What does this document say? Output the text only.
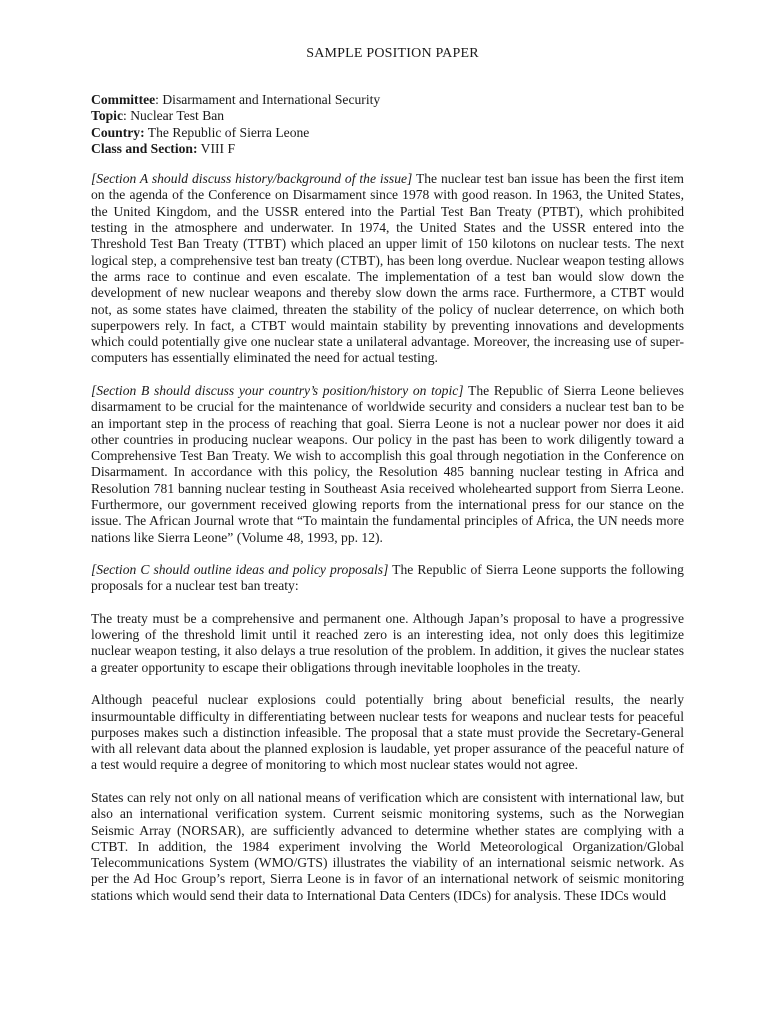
SAMPLE POSITION PAPER
Committee: Disarmament and International Security
Topic: Nuclear Test Ban
Country: The Republic of Sierra Leone
Class and Section: VIII F

[Section A should discuss history/background of the issue] The nuclear test ban issue has been the first item on the agenda of the Conference on Disarmament since 1978 with good reason. In 1963, the United States, the United Kingdom, and the USSR entered into the Partial Test Ban Treaty (PTBT), which prohibited testing in the atmosphere and underwater. In 1974, the United States and the USSR entered into the Threshold Test Ban Treaty (TTBT) which placed an upper limit of 150 kilotons on nuclear tests. The next logical step, a comprehensive test ban treaty (CTBT), has been long overdue. Nuclear weapon testing allows the arms race to continue and even escalate. The implementation of a test ban would slow down the development of new nuclear weapons and thereby slow down the arms race. Furthermore, a CTBT would not, as some states have claimed, threaten the stability of the policy of nuclear deterrence, on which both superpowers rely. In fact, a CTBT would maintain stability by preventing innovations and developments which could potentially give one nuclear state a unilateral advantage. Moreover, the increasing use of super-computers has essentially eliminated the need for actual testing.

[Section B should discuss your country’s position/history on topic] The Republic of Sierra Leone believes disarmament to be crucial for the maintenance of worldwide security and considers a nuclear test ban to be an important step in the process of reaching that goal. Sierra Leone is not a nuclear power nor does it aid other countries in producing nuclear weapons. Our policy in the past has been to work diligently toward a Comprehensive Test Ban Treaty. We wish to accomplish this goal through negotiation in the Conference on Disarmament. In accordance with this policy, the Resolution 485 banning nuclear testing in Africa and Resolution 781 banning nuclear testing in Southeast Asia received wholehearted support from Sierra Leone. Furthermore, our government received glowing reports from the international press for our stance on the issue. The African Journal wrote that “To maintain the fundamental principles of Africa, the UN needs more nations like Sierra Leone” (Volume 48, 1993, pp. 12).

[Section C should outline ideas and policy proposals] The Republic of Sierra Leone supports the following proposals for a nuclear test ban treaty:

The treaty must be a comprehensive and permanent one. Although Japan’s proposal to have a progressive lowering of the threshold limit until it reached zero is an interesting idea, not only does this legitimize nuclear weapon testing, it also delays a true resolution of the problem. In addition, it gives the nuclear states a greater opportunity to escape their obligations through inevitable loopholes in the treaty.

Although peaceful nuclear explosions could potentially bring about beneficial results, the nearly insurmountable difficulty in differentiating between nuclear tests for weapons and nuclear tests for peaceful purposes makes such a distinction infeasible. The proposal that a state must provide the Secretary-General with all relevant data about the planned explosion is laudable, yet proper assurance of the peaceful nature of a test would require a degree of monitoring to which most nuclear states would not agree.

States can rely not only on all national means of verification which are consistent with international law, but also an international verification system. Current seismic monitoring systems, such as the Norwegian Seismic Array (NORSAR), are sufficiently advanced to determine whether states are complying with a CTBT. In addition, the 1984 experiment involving the World Meteorological Organization/Global Telecommunications System (WMO/GTS) illustrates the viability of an international seismic network. As per the Ad Hoc Group’s report, Sierra Leone is in favor of an international network of seismic monitoring stations which would send their data to International Data Centers (IDCs) for analysis. These IDCs would
